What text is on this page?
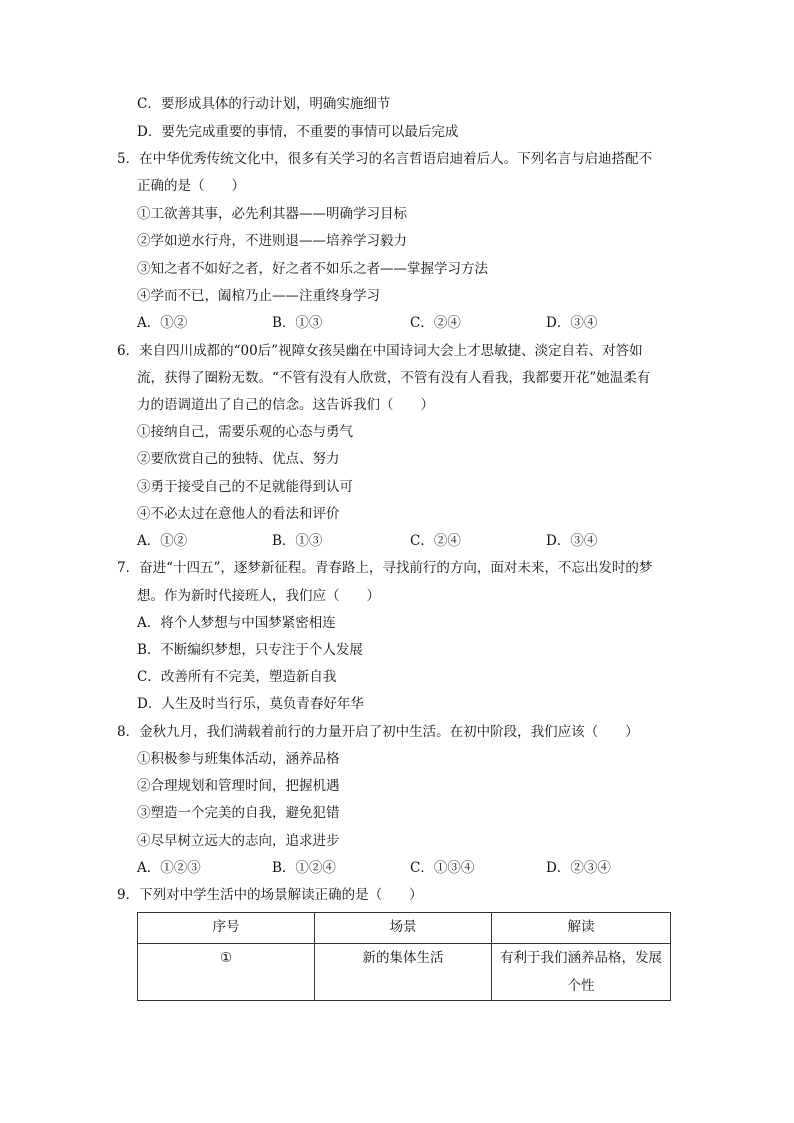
C．要形成具体的行动计划，明确实施细节
D．要先完成重要的事情，不重要的事情可以最后完成
5．在中华优秀传统文化中，很多有关学习的名言哲语启迪着后人。下列名言与启迪搭配不
正确的是（　　）
①工欲善其事，必先利其器——明确学习目标
②学如逆水行舟，不进则退——培养学习毅力
③知之者不如好之者，好之者不如乐之者——掌握学习方法
④学而不已，阖棺乃止——注重终身学习
A．①②	B．①③	C．②④	D．③④
6．来自四川成都的“00后”视障女孩吴幽在中国诗词大会上才思敏捷、淡定自若、对答如
流，获得了圈粉无数。“不管有没有人欣赏，不管有没有人看我，我都要开花”她温柔有
力的语调道出了自己的信念。这告诉我们（　　）
①接纳自己，需要乐观的心态与勇气
②要欣赏自己的独特、优点、努力
③勇于接受自己的不足就能得到认可
④不必太过在意他人的看法和评价
A．①②	B．①③	C．②④	D．③④
7．奋进“十四五”，逐梦新征程。青春路上，寻找前行的方向，面对未来，不忘出发时的梦
想。作为新时代接班人，我们应（　　）
A．将个人梦想与中国梦紧密相连
B．不断编织梦想，只专注于个人发展
C．改善所有不完美，塑造新自我
D．人生及时当行乐，莫负青春好年华
8．金秋九月，我们满载着前行的力量开启了初中生活。在初中阶段，我们应该（　　）
①积极参与班集体活动，涵养品格
②合理规划和管理时间，把握机遇
③塑造一个完美的自我，避免犯错
④尽早树立远大的志向，追求进步
A．①②③	B．①②④	C．①③④	D．②③④
9．下列对中学生活中的场景解读正确的是（　　）
序号	场景	解读
①	新的集体生活	有利于我们涵养品格，发展个性
